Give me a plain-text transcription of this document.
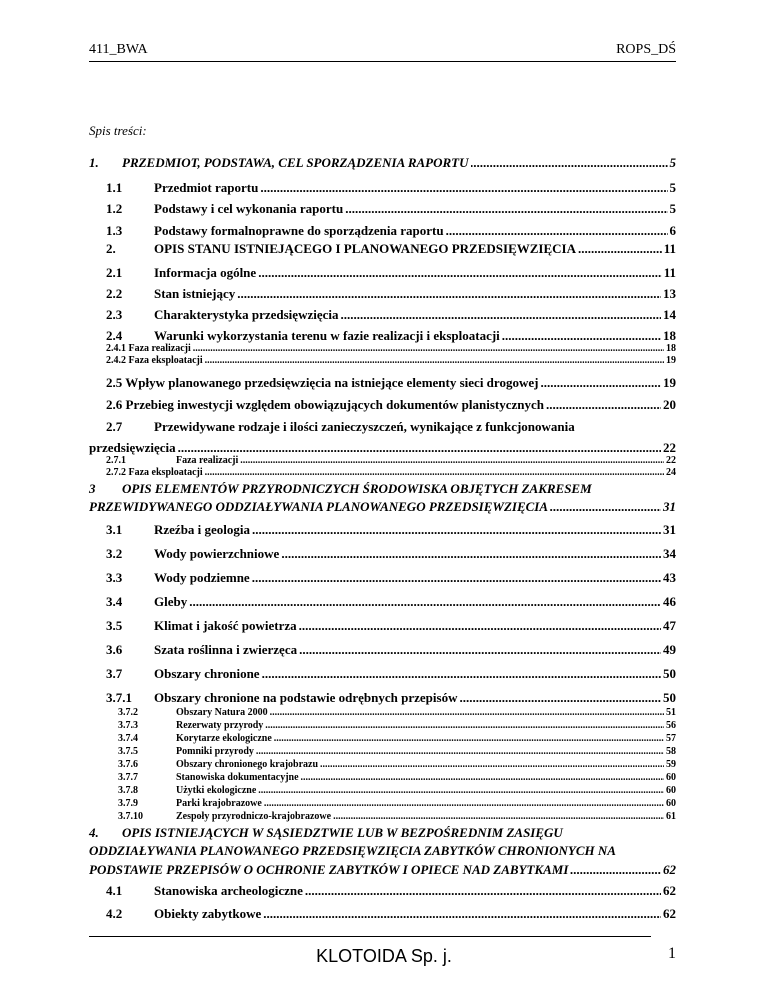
411_BWA	ROPS_DŚ
Spis treści:
1.	PRZEDMIOT, PODSTAWA, CEL SPORZĄDZENIA RAPORTU .....	5
1.1	Przedmiot raportu .....	5
1.2	Podstawy i cel wykonania raportu .....	5
1.3	Podstawy formalnoprawne do sporządzenia raportu .....	6
2.	OPIS STANU ISTNIEJĄCEGO I PLANOWANEGO PRZEDSIĘWZIĘCIA .....	11
2.1	Informacja ogólne .....	11
2.2	Stan istniejący .....	13
2.3	Charakterystyka przedsięwzięcia .....	14
2.4	Warunki wykorzystania terenu w fazie realizacji i eksploatacji .....	18
2.4.1 Faza realizacji .....	18
2.4.2 Faza eksploatacji .....	19
2.5 Wpływ planowanego przedsięwzięcia na istniejące elementy sieci drogowej .....	19
2.6 Przebieg inwestycji względem obowiązujących dokumentów planistycznych .....	20
2.7 Przewidywane rodzaje i ilości zanieczyszczeń, wynikające z funkcjonowania
przedsięwzięcia .....	22
2.7.1	Faza realizacji .....	22
2.7.2 Faza eksploatacji .....	24
3 OPIS ELEMENTÓW PRZYRODNICZYCH ŚRODOWISKA OBJĘTYCH ZAKRESEM
PRZEWIDYWANEGO ODDZIAŁYWANIA PLANOWANEGO PRZEDSIĘWZIĘCIA .....	31
3.1	Rzeźba i geologia .....	31
3.2	Wody powierzchniowe .....	34
3.3	Wody podziemne .....	43
3.4	Gleby .....	46
3.5	Klimat i jakość powietrza .....	47
3.6	Szata roślinna i zwierzęca .....	49
3.7	Obszary chronione .....	50
3.7.1	Obszary chronione na podstawie odrębnych przepisów .....	50
3.7.2	Obszary Natura 2000 .....	51
3.7.3	Rezerwaty przyrody .....	56
3.7.4	Korytarze ekologiczne .....	57
3.7.5	Pomniki przyrody .....	58
3.7.6	Obszary chronionego krajobrazu .....	59
3.7.7	Stanowiska dokumentacyjne .....	60
3.7.8	Użytki ekologiczne .....	60
3.7.9	Parki krajobrazowe .....	60
3.7.10	Zespoły przyrodniczo-krajobrazowe .....	61
4. OPIS ISTNIEJĄCYCH W SĄSIEDZTWIE LUB W BEZPOŚREDNIM ZASIĘGU
ODDZIAŁYWANIA PLANOWANEGO PRZEDSIĘWZIĘCIA ZABYTKÓW CHRONIONYCH NA
PODSTAWIE PRZEPISÓW O OCHRONIE ZABYTKÓW I OPIECE NAD ZABYTKAMI .....	62
4.1	Stanowiska archeologiczne .....	62
4.2	Obiekty zabytkowe .....	62
KLOTOIDA Sp. j.	1
